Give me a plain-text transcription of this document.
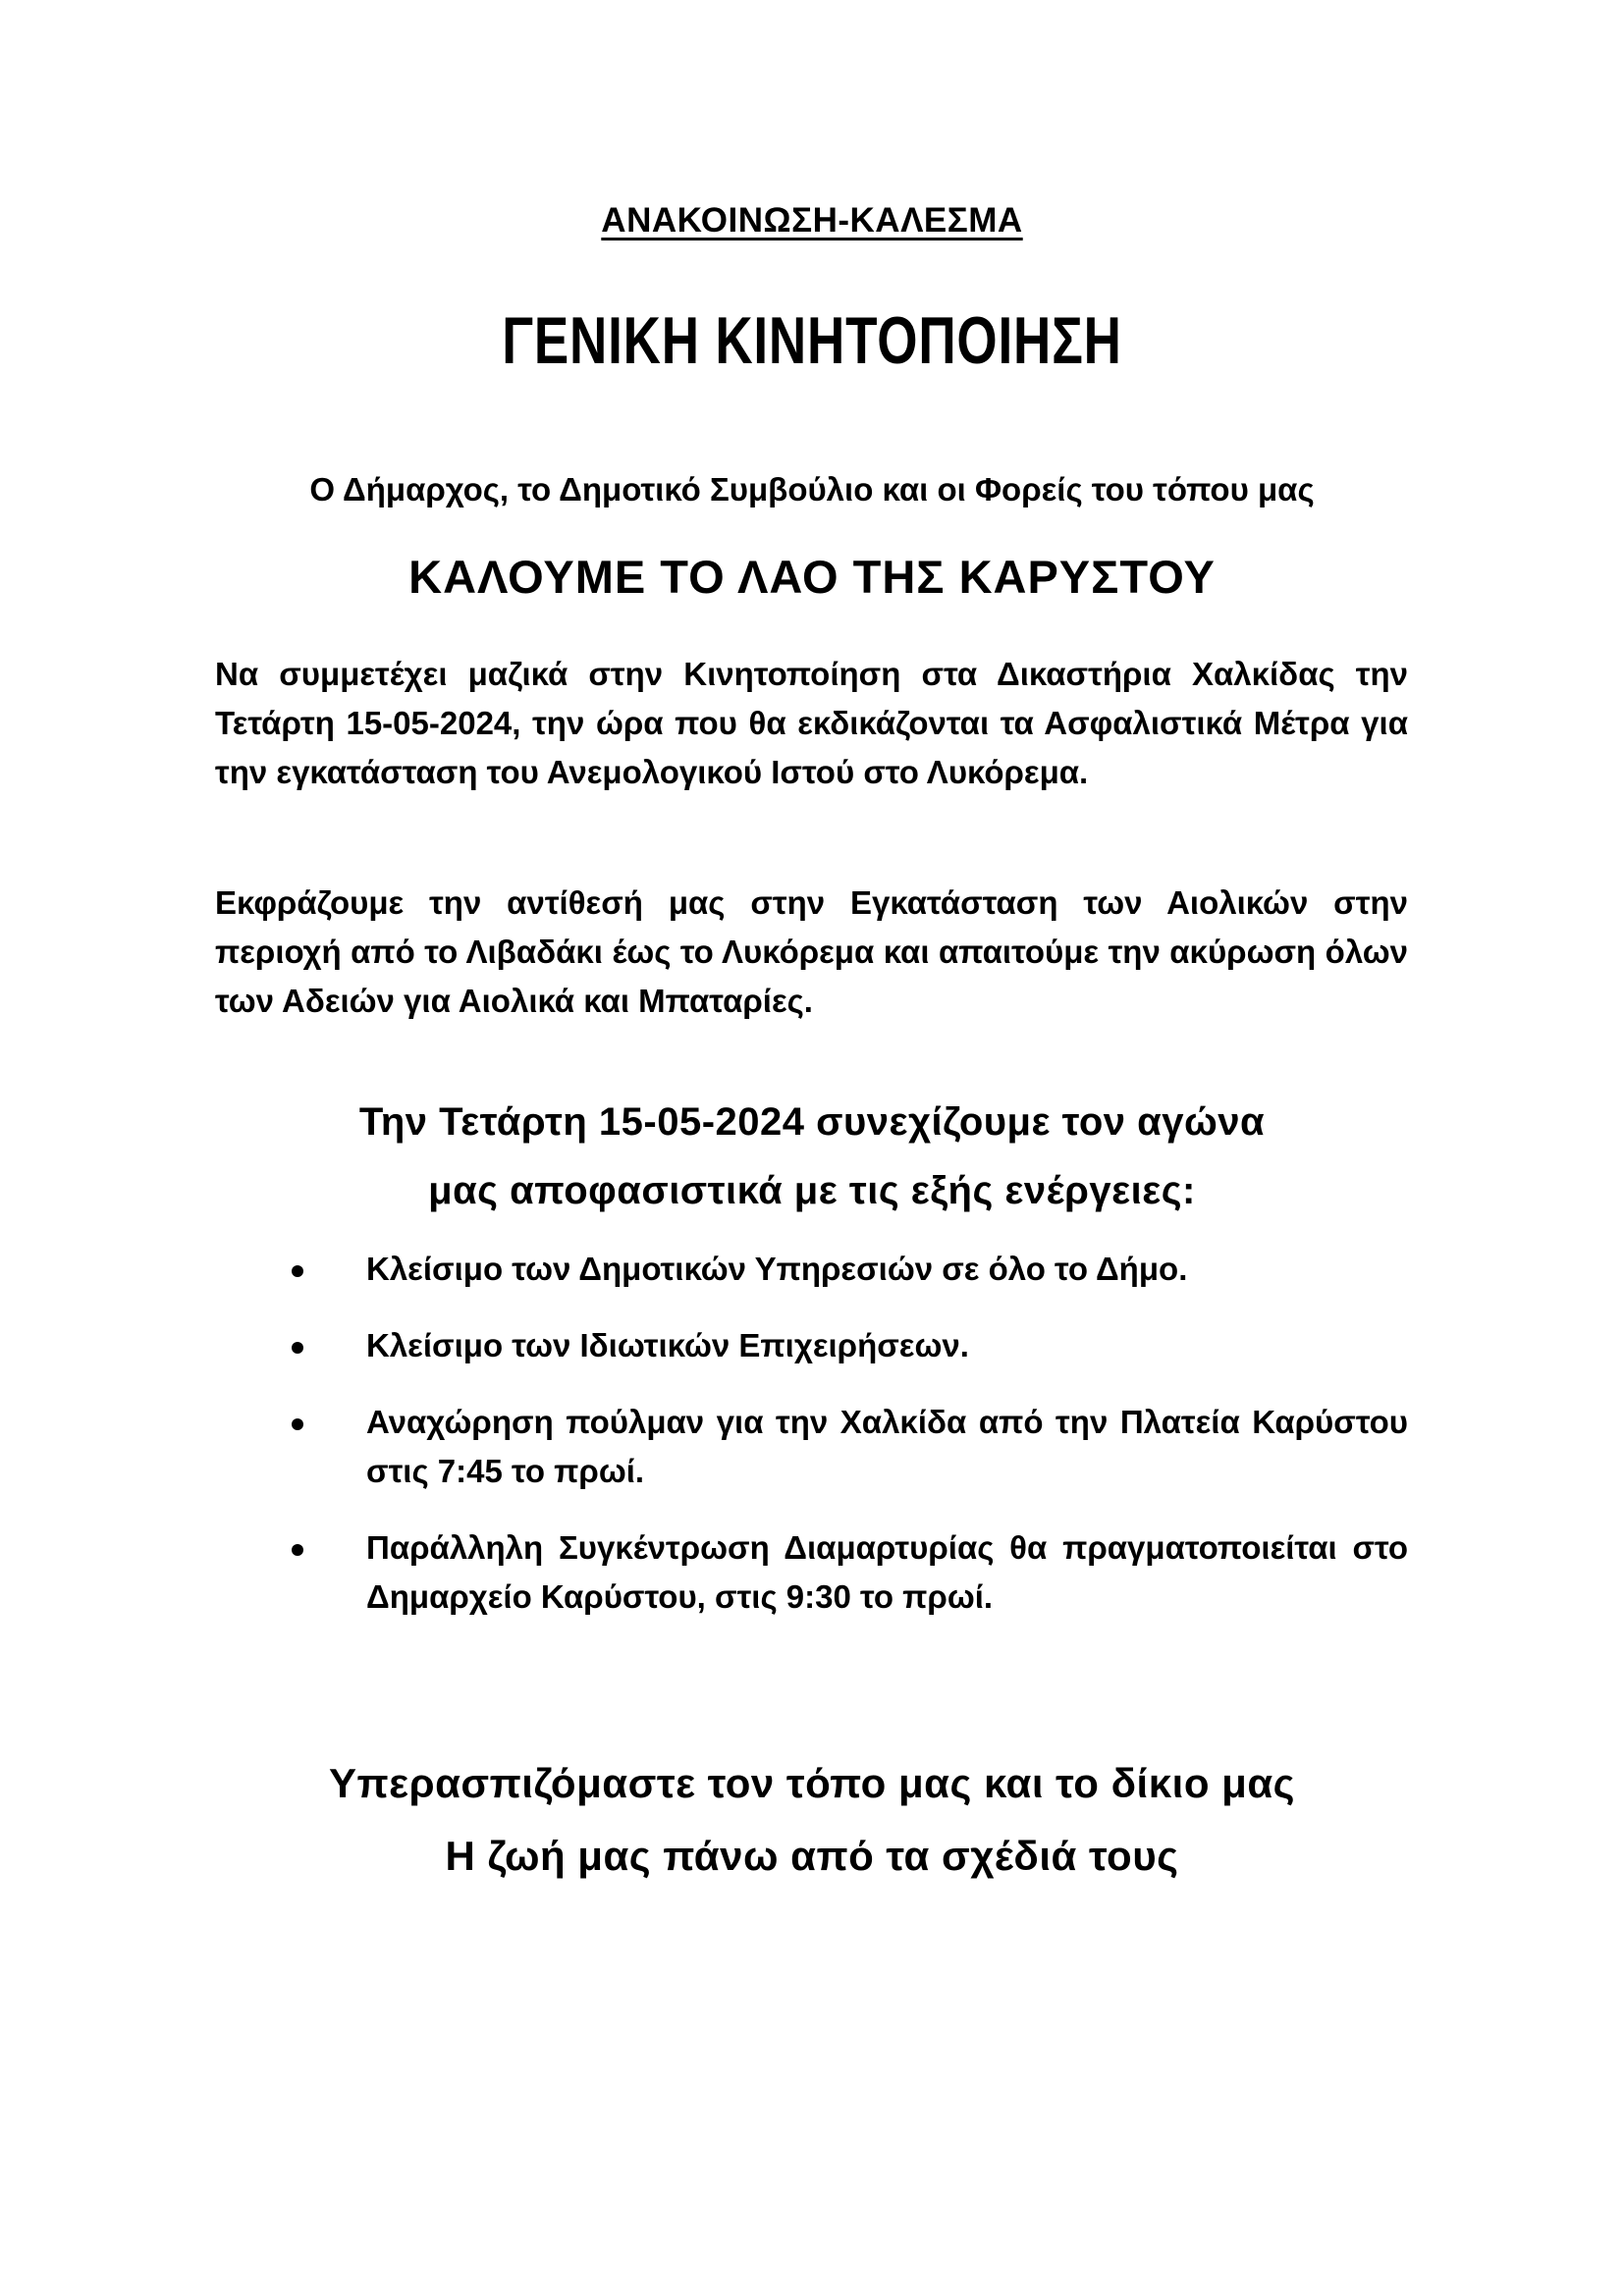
ΑΝΑΚΟΙΝΩΣΗ-ΚΑΛΕΣΜΑ
ΓΕΝΙΚΗ ΚΙΝΗΤΟΠΟΙΗΣΗ
Ο Δήμαρχος, το Δημοτικό Συμβούλιο και οι Φορείς του τόπου μας
ΚΑΛΟΥΜΕ ΤΟ ΛΑΟ ΤΗΣ ΚΑΡΥΣΤΟΥ
Να συμμετέχει μαζικά στην Κινητοποίηση στα Δικαστήρια Χαλκίδας την Τετάρτη 15-05-2024, την ώρα που θα εκδικάζονται τα Ασφαλιστικά Μέτρα για την εγκατάσταση του Ανεμολογικού Ιστού στο Λυκόρεμα.
Εκφράζουμε την αντίθεσή μας στην Εγκατάσταση των Αιολικών στην περιοχή από το Λιβαδάκι έως το Λυκόρεμα και απαιτούμε την ακύρωση όλων των Αδειών για Αιολικά και Μπαταρίες.
Την Τετάρτη 15-05-2024 συνεχίζουμε τον αγώνα
μας αποφασιστικά με τις εξής ενέργειες:
Κλείσιμο των Δημοτικών Υπηρεσιών σε όλο το Δήμο.
Κλείσιμο των Ιδιωτικών Επιχειρήσεων.
Αναχώρηση πούλμαν για την Χαλκίδα από την Πλατεία Καρύστου στις 7:45 το πρωί.
Παράλληλη Συγκέντρωση Διαμαρτυρίας θα πραγματοποιείται στο Δημαρχείο Καρύστου, στις 9:30 το πρωί.
Υπερασπιζόμαστε τον τόπο μας και το δίκιο μας
Η ζωή μας πάνω από τα σχέδιά τους
